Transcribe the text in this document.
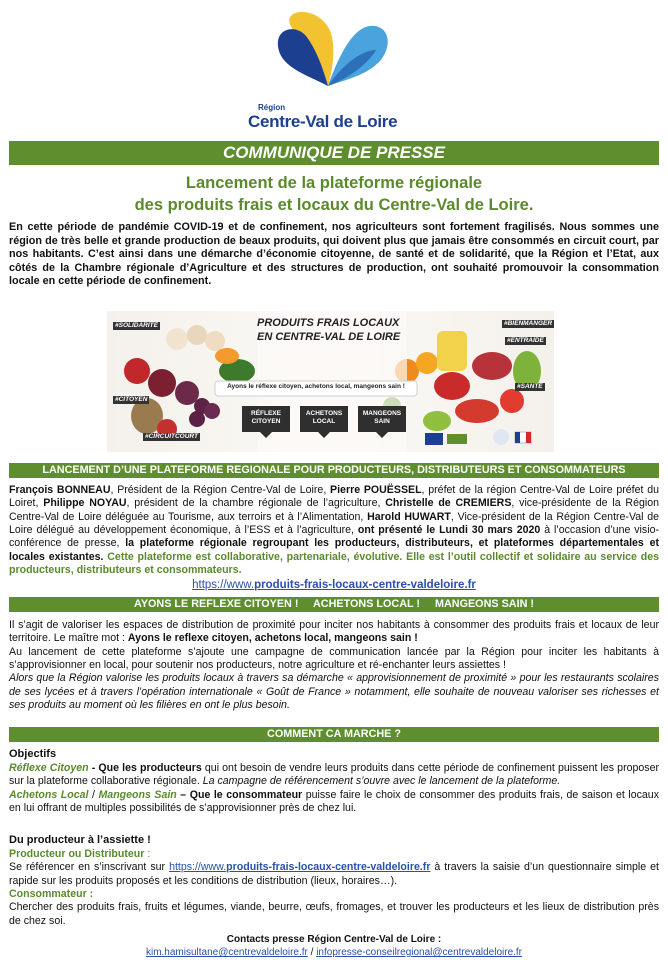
Région
Centre-Val de Loire
COMMUNIQUE DE PRESSE
Lancement de la plateforme régionale
des produits frais et locaux du Centre-Val de Loire.

En cette période de pandémie COVID-19 et de confinement, nos agriculteurs sont fortement fragilisés. Nous sommes une région de très belle et grande production de beaux produits, qui doivent plus que jamais être consommés en circuit court, par nos habitants. C’est ainsi dans une démarche d’économie citoyenne, de santé et de solidarité, que la Région et l’Etat, aux côtés de la Chambre régionale d’Agriculture et des structures de production, ont souhaité promouvoir la consommation locale en cette période de confinement.

PRODUITS FRAIS LOCAUX
EN CENTRE-VAL DE LOIRE
Ayons le réflexe citoyen, achetons local, mangeons sain !
RÉFLEXE CITOYEN
ACHETONS LOCAL
MANGEONS SAIN
#SOLIDARITÉ
#CITOYEN
#CIRCUITCOURT
#BIENMANGER
#ENTRAIDE
#SANTÉ
LANCEMENT D’UNE PLATEFORME REGIONALE POUR PRODUCTEURS, DISTRIBUTEURS ET CONSOMMATEURS

François BONNEAU, Président de la Région Centre-Val de Loire, Pierre POUËSSEL, préfet de la région Centre-Val de Loire préfet du Loiret, Philippe NOYAU, président de la chambre régionale de l’agriculture, Christelle de CREMIERS, vice-présidente de la Région Centre-Val de Loire déléguée au Tourisme, aux terroirs et à l’Alimentation, Harold HUWART, Vice-président de la Région Centre-Val de Loire délégué au développement économique, à l’ESS et à l’agriculture, ont présenté le Lundi 30 mars 2020 à l’occasion d’une visio-conférence de presse, la plateforme régionale regroupant les producteurs, distributeurs, et plateformes départementales et locales existantes. Cette plateforme est collaborative, partenariale, évolutive. Elle est l’outil collectif et solidaire au service des producteurs, distributeurs et consommateurs.

https://www.produits-frais-locaux-centre-valdeloire.fr
AYONS LE REFLEXE CITOYEN !     ACHETONS LOCAL !     MANGEONS SAIN !

Il s’agit de valoriser les espaces de distribution de proximité pour inciter nos habitants à consommer des produits frais et locaux de leur territoire. Le maître mot : Ayons le reflexe citoyen, achetons local, mangeons sain !

Au lancement de cette plateforme s’ajoute une campagne de communication lancée par la Région pour inciter les habitants à s’approvisionner en local, pour soutenir nos producteurs, notre agriculture et ré-enchanter leurs assiettes !

Alors que la Région valorise les produits locaux à travers sa démarche « approvisionnement de proximité » pour les restaurants scolaires de ses lycées et à travers l’opération internationale « Goût de France » notamment, elle souhaite de nouveau valoriser ses richesses et ses produits au moment où les filières en ont le plus besoin.

COMMENT CA MARCHE ?
Objectifs

Réflexe Citoyen - Que les producteurs qui ont besoin de vendre leurs produits dans cette période de confinement puissent les proposer sur la plateforme collaborative régionale. La campagne de référencement s’ouvre avec le lancement de la plateforme.

Achetons Local / Mangeons Sain – Que le consommateur puisse faire le choix de consommer des produits frais, de saison et locaux en lui offrant de multiples possibilités de s’approvisionner près de chez lui.

Du producteur à l’assiette !
Producteur ou Distributeur :

Se référencer en s’inscrivant sur https://www.produits-frais-locaux-centre-valdeloire.fr à travers la saisie d’un questionnaire simple et rapide sur les produits proposés et les conditions de distribution (lieux, horaires…).

Consommateur :

Chercher des produits frais, fruits et légumes, viande, beurre, œufs, fromages, et trouver les producteurs et les lieux de distribution près de chez soi.

Contacts presse Région Centre-Val de Loire :
kim.hamisultane@centrevaldeloire.fr / infopresse-conseilregional@centrevaldeloire.fr
